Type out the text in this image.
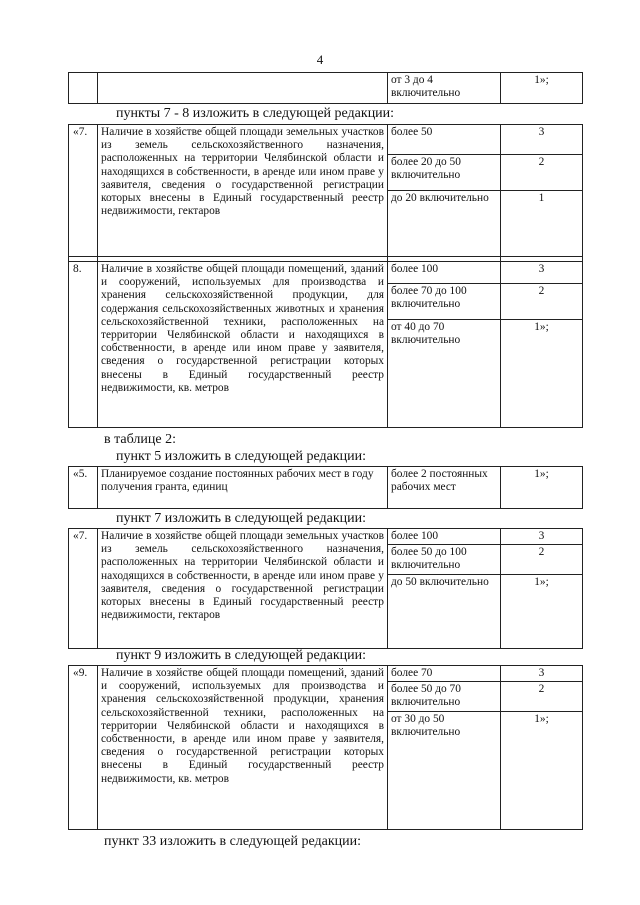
4
		от 3 до 4 включительно	1»;
пункты 7 - 8 изложить в следующей редакции:
«7.	Наличие в хозяйстве общей площади земельных участков из земель сельскохозяйственного назначения, расположенных на территории Челябинской области и находящихся в собственности, в аренде или ином праве у заявителя, сведения о государственной регистрации которых внесены в Единый государственный реестр недвижимости, гектаров	более 50	3
		более 20 до 50 включительно	2
		до 20 включительно	1

8.	Наличие в хозяйстве общей площади помещений, зданий и сооружений, используемых для производства и хранения сельскохозяйственной продукции, для содержания сельскохозяйственных животных и хранения сельскохозяйственной техники, расположенных на территории Челябинской области и находящихся в собственности, в аренде или ином праве у заявителя, сведения о государственной регистрации которых внесены в Единый государственный реестр недвижимости, кв. метров	более 100	3
		более 70 до 100 включительно	2
		от 40 до 70 включительно	1»;
в таблице 2:
пункт 5 изложить в следующей редакции:
«5.	Планируемое создание постоянных рабочих мест в году получения гранта, единиц	более 2 постоянных рабочих мест	1»;
пункт 7 изложить в следующей редакции:
«7.	Наличие в хозяйстве общей площади земельных участков из земель сельскохозяйственного назначения, расположенных на территории Челябинской области и находящихся в собственности, в аренде или ином праве у заявителя, сведения о государственной регистрации которых внесены в Единый государственный реестр недвижимости, гектаров	более 100	3
		более 50 до 100 включительно	2
		до 50 включительно	1»;
пункт 9 изложить в следующей редакции:
«9.	Наличие в хозяйстве общей площади помещений, зданий и сооружений, используемых для производства и хранения сельскохозяйственной продукции, хранения сельскохозяйственной техники, расположенных на территории Челябинской области и находящихся в собственности, в аренде или ином праве у заявителя, сведения о государственной регистрации которых внесены в Единый государственный реестр недвижимости, кв. метров	более 70	3
		более 50 до 70 включительно	2
		от 30 до 50 включительно	1»;
пункт 33 изложить в следующей редакции:
